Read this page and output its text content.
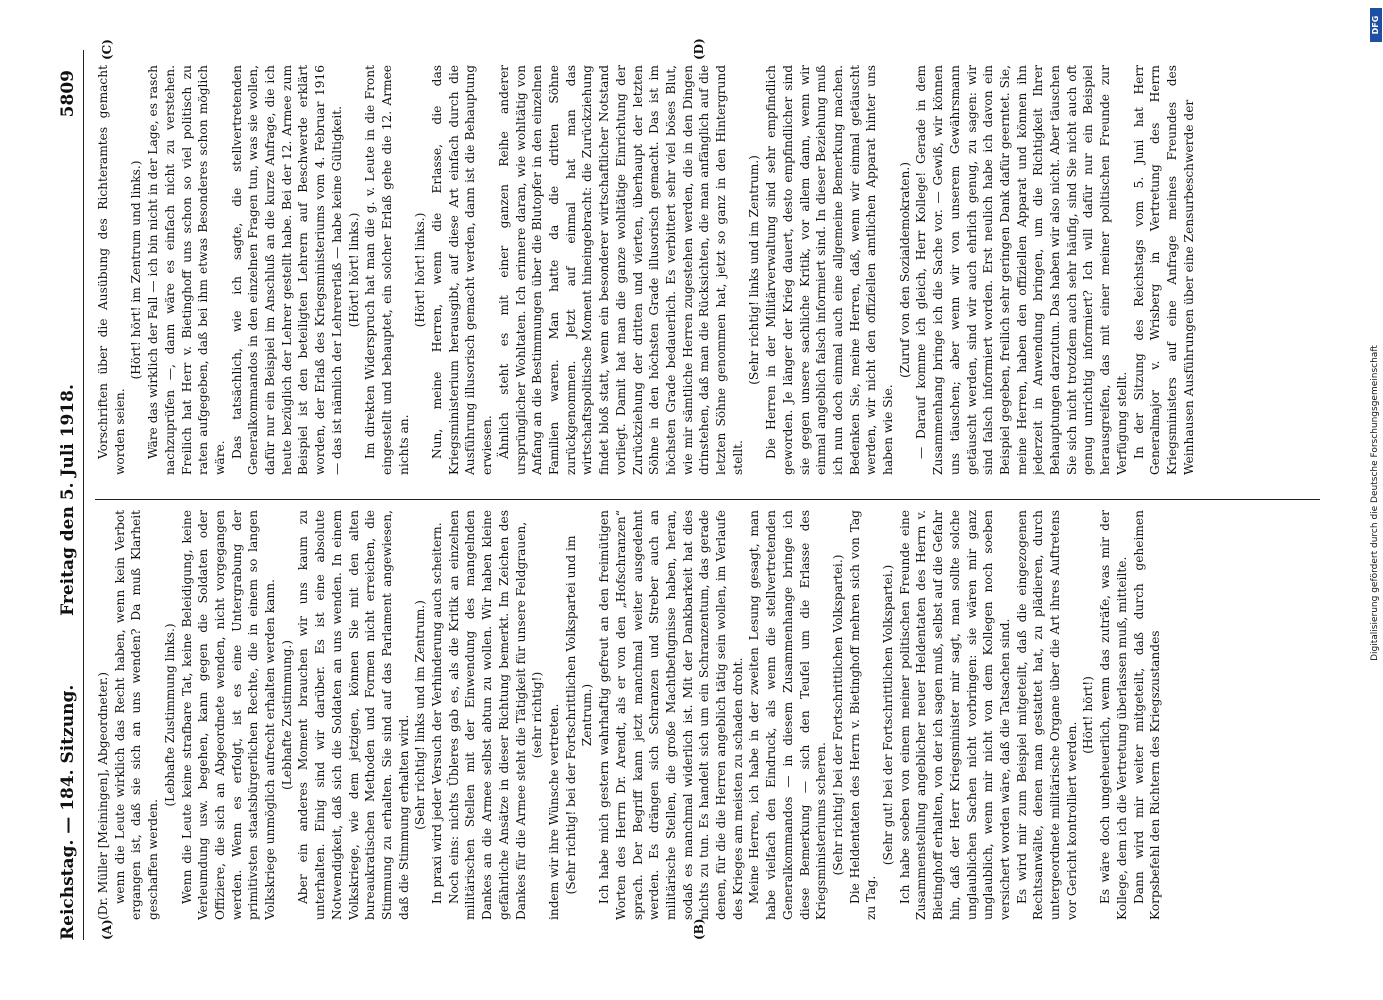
Reichstag. — 184. Sitzung.
Freitag den 5. Juli 1918.
5809
(A)	(B)
(C)	(D)

(Dr. Müller [Meiningen], Abgeordneter.) wenn die Leute wirklich das Recht haben, wenn kein Verbot ergangen ist, daß sie sich an uns wenden? Da muß Klarheit geschaffen werden.

(Lebhafte Zustimmung links.) Wenn die Leute keine strafbare Tat, keine Beleidigung, keine Verleumdung usw. begehen, kann gegen die Soldaten oder Offiziere, die sich an Abgeordnete wenden, nicht vorgegangen werden. Wenn es erfolgt, ist es eine Untergrabung der primitivsten staatsbürgerlichen Rechte, die in einem so langen Volkskriege unmöglich aufrecht erhalten werden kann. (Lebhafte Zustimmung.) Aber ein anderes Moment brauchen wir uns kaum zu unterhalten. Einig sind wir darüber. Es ist eine absolute Notwendigkeit, daß sich die Soldaten an uns wenden. In einem Volkskriege, wie dem jetzigen, können Sie mit den alten bureaukratischen Methoden und Formen nicht erreichen, die Stimmung zu erhalten. Sie sind auf das Parlament angewiesen, daß die Stimmung erhalten wird. (Sehr richtig! links und im Zentrum.) In praxi wird jeder Versuch der Verhinderung auch scheitern. Noch eins: nichts Übleres gab es, als die Kritik an einzelnen militärischen Stellen mit der Einwendung des mangelnden Dankes an die Armee selbst abtun zu wollen. Wir haben kleine gefährliche Ansätze in dieser Richtung bemerkt. Im Zeichen des Dankes für die Armee steht die Tätigkeit für unsere Feldgrauen, (sehr richtig!) indem wir ihre Wünsche vertreten. (Sehr richtig! bei der Fortschrittlichen Volkspartei und im Zentrum.) Ich habe mich gestern wahrhaftig gefreut an den freimütigen Worten des Herrn Dr. Arendt, als er von den „Hofschranzen“ sprach. Der Begriff kann jetzt manchmal weiter ausgedehnt werden. Es drängen sich Schranzen und Streber auch an militärische Stellen, die große Machtbefugnisse haben, heran, sodaß es manchmal widerlich ist. Mit der Dankbarkeit hat dies nichts zu tun. Es handelt sich um ein Schranzentum, das gerade denen, für die die Herren angeblich tätig sein wollen, im Verlaufe des Krieges am meisten zu schaden droht. Meine Herren, ich habe in der zweiten Lesung gesagt, man habe vielfach den Eindruck, als wenn die stellvertretenden Generalkommandos — in diesem Zusammenhange bringe ich diese Bemerkung — sich den Teufel um die Erlasse des Kriegsministeriums scheren. (Sehr richtig! bei der Fortschrittlichen Volkspartei.) Die Heldentaten des Herrn v. Bietinghoff mehren sich von Tag zu Tag.

(Sehr gut! bei der Fortschrittlichen Volkspartei.) Ich habe soeben von einem meiner politischen Freunde eine Zusammenstellung angeblicher neuer Heldentaten des Herrn v. Bietinghoff erhalten, von der ich sagen muß, selbst auf die Gefahr hin, daß der Herr Kriegsminister mir sagt, man sollte solche unglaublichen Sachen nicht vorbringen: sie wären mir ganz unglaublich, wenn mir nicht von dem Kollegen noch soeben versichert worden wäre, daß die Tatsachen sind. Es wird mir zum Beispiel mitgeteilt, daß die eingezogenen Rechtsanwälte, denen man gestattet hat, zu plädieren, durch untergeordnete militärische Organe über die Art ihres Auftretens vor Gericht kontrolliert werden.

(Hört! hört!) Es wäre doch ungeheuerlich, wenn das zuträfe, was mir der Kollege, dem ich die Vertretung überlassen muß, mitteilte. Dann wird mir weiter mitgeteilt, daß durch geheimen Korpsbefehl den Richtern des Kriegszustandes

Vorschriften über die Ausübung des Richteramtes gemacht worden seien.

(Hört! hört! im Zentrum und links.) Wäre das wirklich der Fall — ich bin nicht in der Lage, es rasch nachzuprüfen —, dann wäre es einfach nicht zu verstehen. Freilich hat Herr v. Bietinghoff uns schon so viel politisch zu raten aufgegeben, daß bei ihm etwas Besonderes schon möglich wäre. Das tatsächlich, wie ich sagte, die stellvertretenden Generalkommandos in den einzelnen Fragen tun, was sie wollen, dafür nur ein Beispiel im Anschluß an die kurze Anfrage, die ich heute bezüglich der Lehrer gestellt habe. Bei der 12. Armee zum Beispiel ist den beteiligten Lehrern auf Beschwerde erklärt worden, der Erlaß des Kriegsministeriums vom 4. Februar 1916 — das ist nämlich der Lehrererlaß — habe keine Gültigkeit. (Hört! hört! links.) Im direkten Widerspruch hat man die g. v. Leute in die Front eingestellt und behauptet, ein solcher Erlaß gehe die 12. Armee nichts an.

(Hört! hört! links.) Nun, meine Herren, wenn die Erlasse, die das Kriegsministerium herausgibt, auf diese Art einfach durch die Ausführung illusorisch gemacht werden, dann ist die Behauptung erwiesen. Ähnlich steht es mit einer ganzen Reihe anderer ursprünglicher Wohltaten. Ich erinnere daran, wie wohltätig von Anfang an die Bestimmungen über die Blutopfer in den einzelnen Familien waren. Man hatte da die dritten Söhne zurückgenommen. Jetzt auf einmal hat man das wirtschaftspolitische Moment hineingebracht: die Zurückziehung findet bloß statt, wenn ein besonderer wirtschaftlicher Notstand vorliegt. Damit hat man die ganze wohltätige Einrichtung der Zurückziehung der dritten und vierten, überhaupt der letzten Söhne in den höchsten Grade illusorisch gemacht. Das ist im höchsten Grade bedauerlich. Es verbittert sehr viel böses Blut, wie mir sämtliche Herren zugestehen werden, die in den Dingen drinstehen, daß man die Rücksichten, die man anfänglich auf die letzten Söhne genommen hat, jetzt so ganz in den Hintergrund stellt.

(Sehr richtig! links und im Zentrum.) Die Herren in der Militärverwaltung sind sehr empfindlich geworden. Je länger der Krieg dauert, desto empfindlicher sind sie gegen unsere sachliche Kritik, vor allem dann, wenn wir einmal angeblich falsch informiert sind. In dieser Beziehung muß ich nun doch einmal auch eine allgemeine Bemerkung machen. Bedenken Sie, meine Herren, daß, wenn wir einmal getäuscht werden, wir nicht den offiziellen amtlichen Apparat hinter uns haben wie Sie.

(Zuruf von den Sozialdemokraten.) — Darauf komme ich gleich, Herr Kollege! Gerade in dem Zusammenhang bringe ich die Sache vor. — Gewiß, wir können uns täuschen; aber wenn wir von unserem Gewährsmann getäuscht werden, sind wir auch ehrlich genug, zu sagen: wir sind falsch informiert worden. Erst neulich habe ich davon ein Beispiel gegeben, freilich sehr geringen Dank dafür geerntet. Sie, meine Herren, haben den offiziellen Apparat und können ihn jederzeit in Anwendung bringen, um die Richtigkeit Ihrer Behauptungen darzutun. Das haben wir also nicht. Aber täuschen Sie sich nicht trotzdem auch sehr häufig, sind Sie nicht auch oft genug unrichtig informiert? Ich will dafür nur ein Beispiel herausgreifen, das mit einer meiner politischen Freunde zur Verfügung stellt. In der Sitzung des Reichstags vom 5. Juni hat Herr Generalmajor v. Wrisberg in Vertretung des Herrn Kriegsministers auf eine Anfrage meines Freundes des Weinhausen Ausführungen über eine Zensurbeschwerde der

Digitalisierung gefördert durch die Deutsche Forschungsgemeinschaft
DFG
